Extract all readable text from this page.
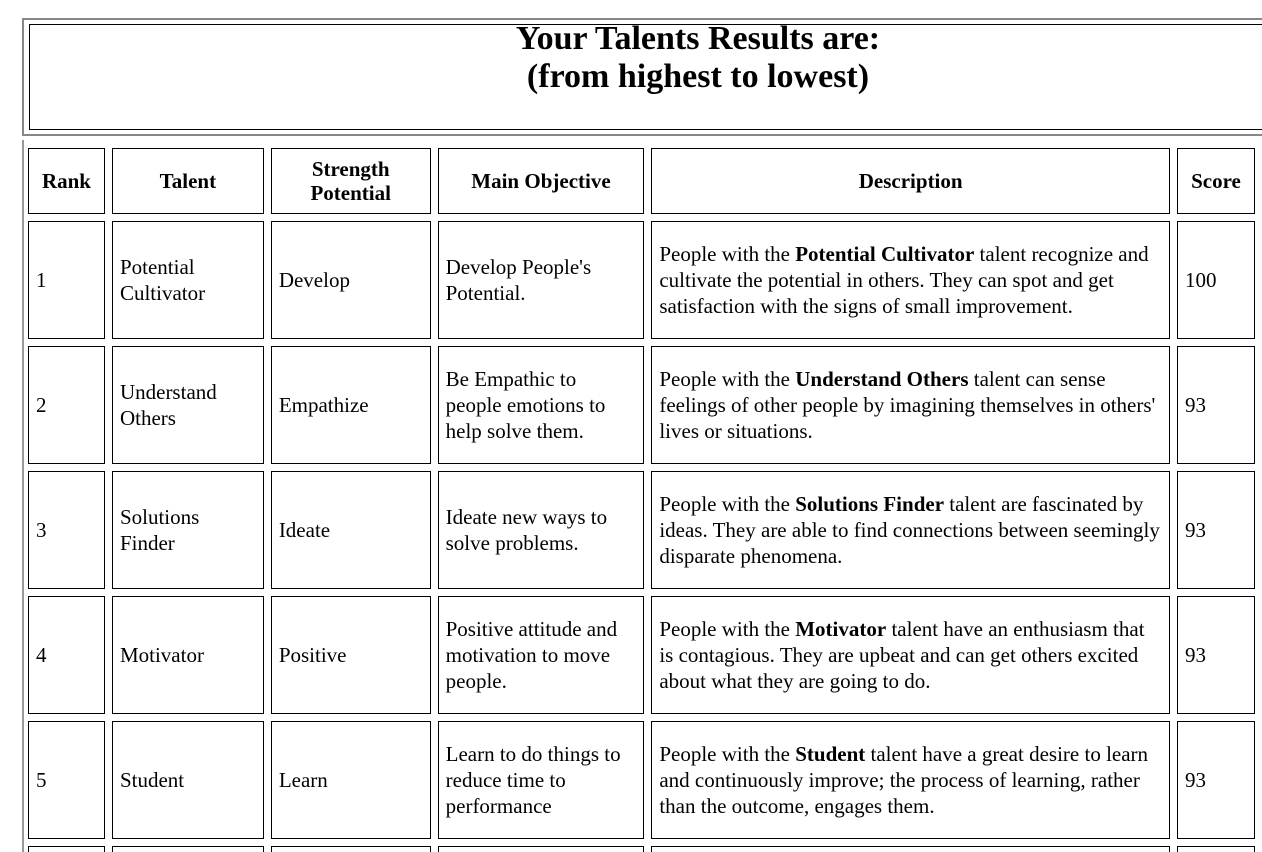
Your Talents Results are:
(from highest to lowest)
Rank	Talent	Strength Potential	Main Objective	Description	Score
1	Potential Cultivator	Develop	Develop People's Potential.	People with the Potential Cultivator talent recognize and cultivate the potential in others. They can spot and get satisfaction with the signs of small improvement.	100
2	Understand Others	Empathize	Be Empathic to people emotions to help solve them.	People with the Understand Others talent can sense feelings of other people by imagining themselves in others' lives or situations.	93
3	Solutions Finder	Ideate	Ideate new ways to solve problems.	People with the Solutions Finder talent are fascinated by ideas. They are able to find connections between seemingly disparate phenomena.	93
4	Motivator	Positive	Positive attitude and motivation to move people.	People with the Motivator talent have an enthusiasm that is contagious. They are upbeat and can get others excited about what they are going to do.	93
5	Student	Learn	Learn to do things to reduce time to performance	People with the Student talent have a great desire to learn and continuously improve; the process of learning, rather than the outcome, engages them.	93
